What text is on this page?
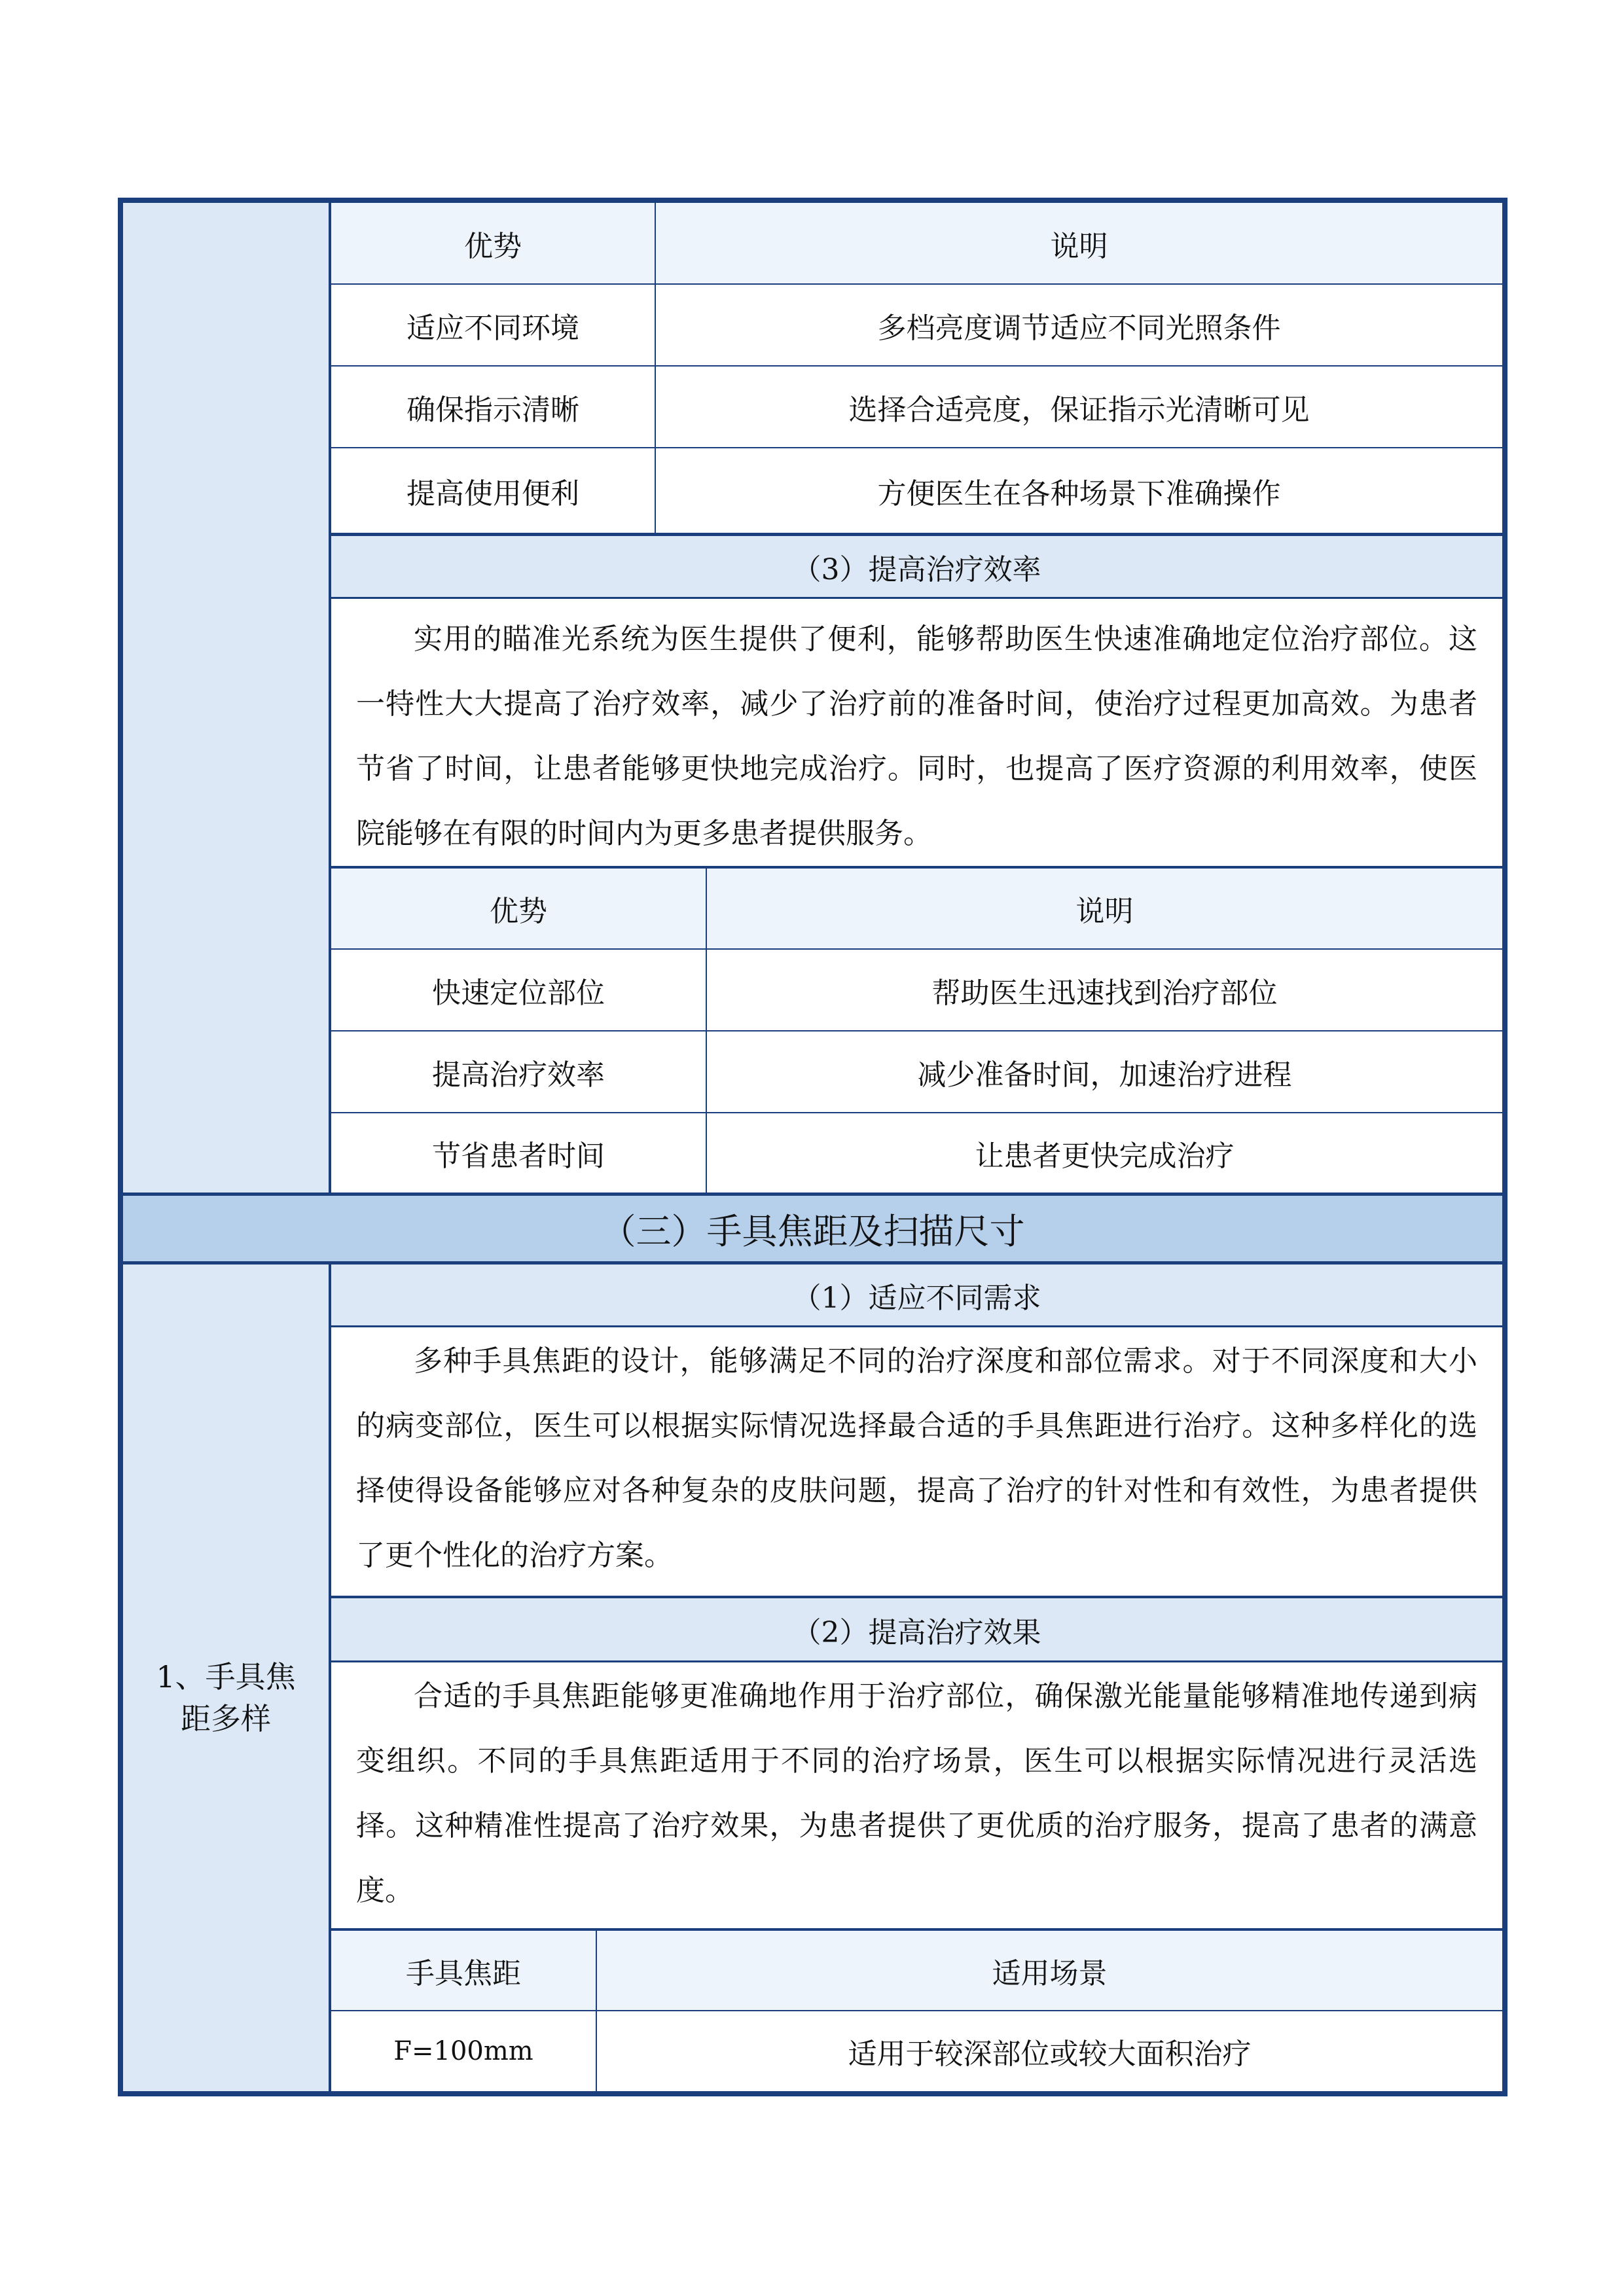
优势	说明
适应不同环境	多档亮度调节适应不同光照条件
确保指示清晰	选择合适亮度，保证指示光清晰可见
提高使用便利	方便医生在各种场景下准确操作
（3）提高治疗效率
实用的瞄准光系统为医生提供了便利，能够帮助医生快速准确地定位治疗部位。这一特性大大提高了治疗效率，减少了治疗前的准备时间，使治疗过程更加高效。为患者节省了时间，让患者能够更快地完成治疗。同时，也提高了医疗资源的利用效率，使医院能够在有限的时间内为更多患者提供服务。
优势	说明
快速定位部位	帮助医生迅速找到治疗部位
提高治疗效率	减少准备时间，加速治疗进程
节省患者时间	让患者更快完成治疗
（三）手具焦距及扫描尺寸
1、手具焦距多样
（1）适应不同需求
多种手具焦距的设计，能够满足不同的治疗深度和部位需求。对于不同深度和大小的病变部位，医生可以根据实际情况选择最合适的手具焦距进行治疗。这种多样化的选择使得设备能够应对各种复杂的皮肤问题，提高了治疗的针对性和有效性，为患者提供了更个性化的治疗方案。
（2）提高治疗效果
合适的手具焦距能够更准确地作用于治疗部位，确保激光能量能够精准地传递到病变组织。不同的手具焦距适用于不同的治疗场景，医生可以根据实际情况进行灵活选择。这种精准性提高了治疗效果，为患者提供了更优质的治疗服务，提高了患者的满意度。
手具焦距	适用场景
F=100mm	适用于较深部位或较大面积治疗
